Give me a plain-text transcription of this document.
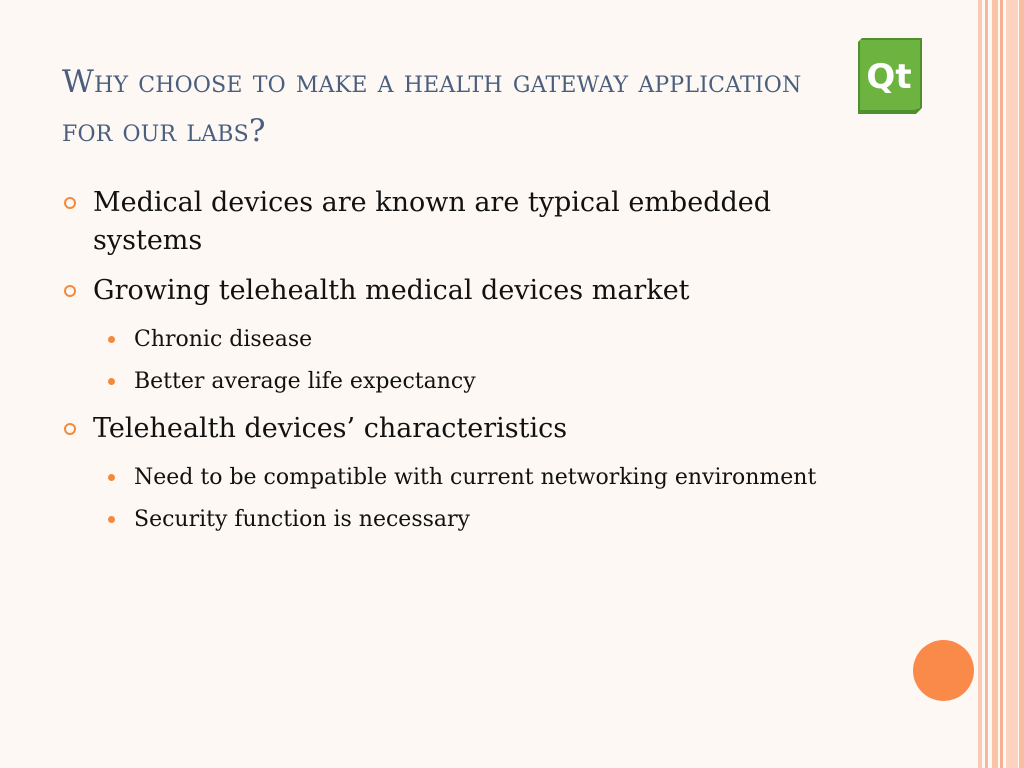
Why choose to make a health gateway application for our labs?
Qt
Medical devices are known are typical embedded systems
Growing telehealth medical devices market
Chronic disease
Better average life expectancy
Telehealth devices’ characteristics
Need to be compatible with current networking environment
Security function is necessary
